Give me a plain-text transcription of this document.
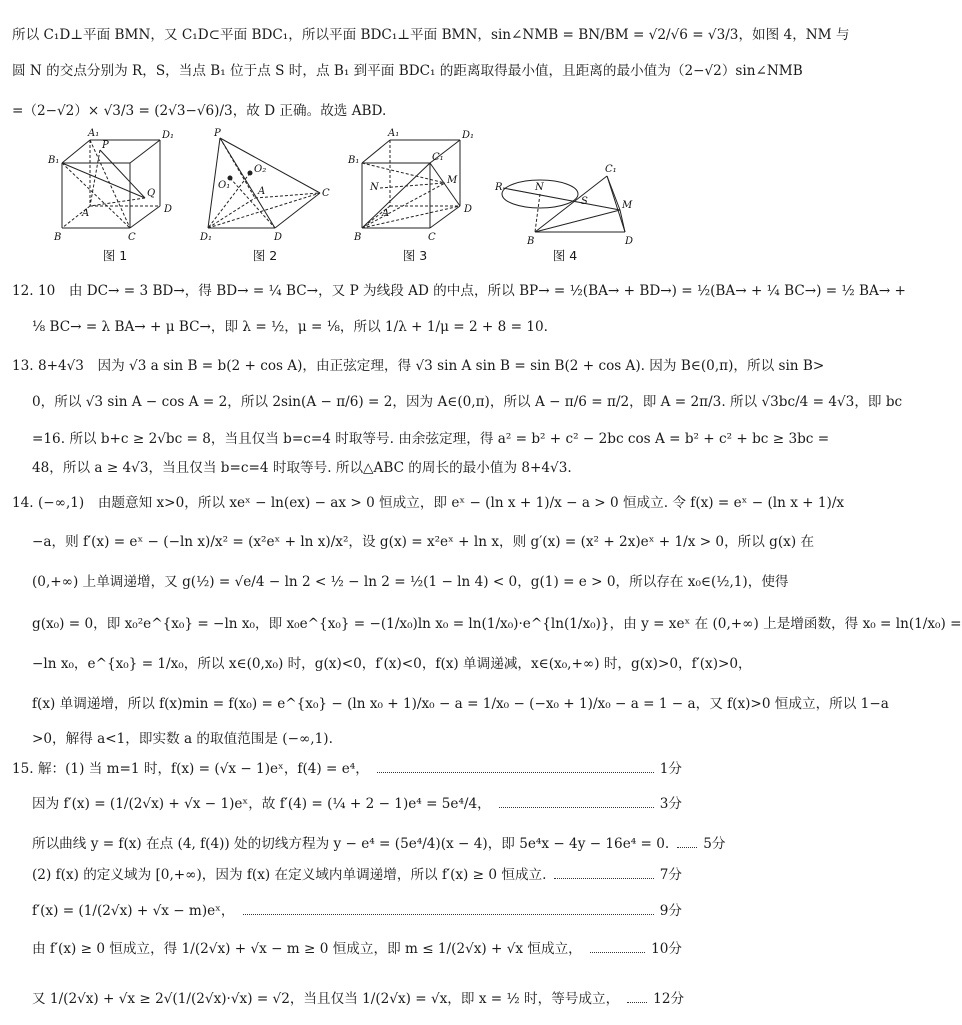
所以 C₁D⊥平面 BMN，又 C₁D⊂平面 BDC₁，所以平面 BDC₁⊥平面 BMN，sin∠NMB = BN/BM = √2/√6 = √3/3，如图 4，NM 与
圆 N 的交点分别为 R，S，当点 B₁ 位于点 S 时，点 B₁ 到平面 BDC₁ 的距离取得最小值，且距离的最小值为（2−√2）sin∠NMB
=（2−√2）× √3/3 = (2√3−√6)/3，故 D 正确。故选 ABD.
A₁	D₁
B₁
P
Q
A	D
B	C
图 1
P
O₁
O₂
C
A
D₁	D
图 2
A₁	D₁
B₁	C₁
N
M
A	D
B	C
图 3
C₁
R	N
S	M
B	D
图 4
12. 10　由 DC→ = 3 BD→，得 BD→ = ¼ BC→，又 P 为线段 AD 的中点，所以 BP→ = ½(BA→ + BD→) = ½(BA→ + ¼ BC→) = ½ BA→ +
⅛ BC→ = λ BA→ + μ BC→，即 λ = ½，μ = ⅛，所以 1/λ + 1/μ = 2 + 8 = 10.
13. 8+4√3　因为 √3 a sin B = b(2 + cos A)，由正弦定理，得 √3 sin A sin B = sin B(2 + cos A). 因为 B∈(0,π)，所以 sin B>
0，所以 √3 sin A − cos A = 2，所以 2sin(A − π/6) = 2，因为 A∈(0,π)，所以 A − π/6 = π/2，即 A = 2π/3. 所以 √3bc/4 = 4√3，即 bc
=16. 所以 b+c ≥ 2√bc = 8，当且仅当 b=c=4 时取等号. 由余弦定理，得 a² = b² + c² − 2bc cos A = b² + c² + bc ≥ 3bc =
48，所以 a ≥ 4√3，当且仅当 b=c=4 时取等号. 所以△ABC 的周长的最小值为 8+4√3.
14. (−∞,1)　由题意知 x>0，所以 xeˣ − ln(ex) − ax > 0 恒成立，即 eˣ − (ln x + 1)/x − a > 0 恒成立. 令 f(x) = eˣ − (ln x + 1)/x
−a，则 f′(x) = eˣ − (−ln x)/x² = (x²eˣ + ln x)/x²，设 g(x) = x²eˣ + ln x，则 g′(x) = (x² + 2x)eˣ + 1/x > 0，所以 g(x) 在
(0,+∞) 上单调递增，又 g(½) = √e/4 − ln 2 < ½ − ln 2 = ½(1 − ln 4) < 0，g(1) = e > 0，所以存在 x₀∈(½,1)，使得
g(x₀) = 0，即 x₀²e^{x₀} = −ln x₀，即 x₀e^{x₀} = −(1/x₀)ln x₀ = ln(1/x₀)·e^{ln(1/x₀)}，由 y = xeˣ 在 (0,+∞) 上是增函数，得 x₀ = ln(1/x₀) =
−ln x₀，e^{x₀} = 1/x₀，所以 x∈(0,x₀) 时，g(x)<0，f′(x)<0，f(x) 单调递减，x∈(x₀,+∞) 时，g(x)>0，f′(x)>0，
f(x) 单调递增，所以 f(x)min = f(x₀) = e^{x₀} − (ln x₀ + 1)/x₀ − a = 1/x₀ − (−x₀ + 1)/x₀ − a = 1 − a，又 f(x)>0 恒成立，所以 1−a
>0，解得 a<1，即实数 a 的取值范围是 (−∞,1).
15. 解：(1) 当 m=1 时，f(x) = (√x − 1)eˣ，f(4) = e⁴，	1分
因为 f′(x) = (1/(2√x) + √x − 1)eˣ，故 f′(4) = (¼ + 2 − 1)e⁴ = 5e⁴/4，	3分
所以曲线 y = f(x) 在点 (4, f(4)) 处的切线方程为 y − e⁴ = (5e⁴/4)(x − 4)，即 5e⁴x − 4y − 16e⁴ = 0.	5分
(2) f(x) 的定义域为 [0,+∞)，因为 f(x) 在定义域内单调递增，所以 f′(x) ≥ 0 恒成立.	7分
f′(x) = (1/(2√x) + √x − m)eˣ，	9分
由 f′(x) ≥ 0 恒成立，得 1/(2√x) + √x − m ≥ 0 恒成立，即 m ≤ 1/(2√x) + √x 恒成立，	10分
又 1/(2√x) + √x ≥ 2√(1/(2√x)·√x) = √2，当且仅当 1/(2√x) = √x，即 x = ½ 时，等号成立，	12分
